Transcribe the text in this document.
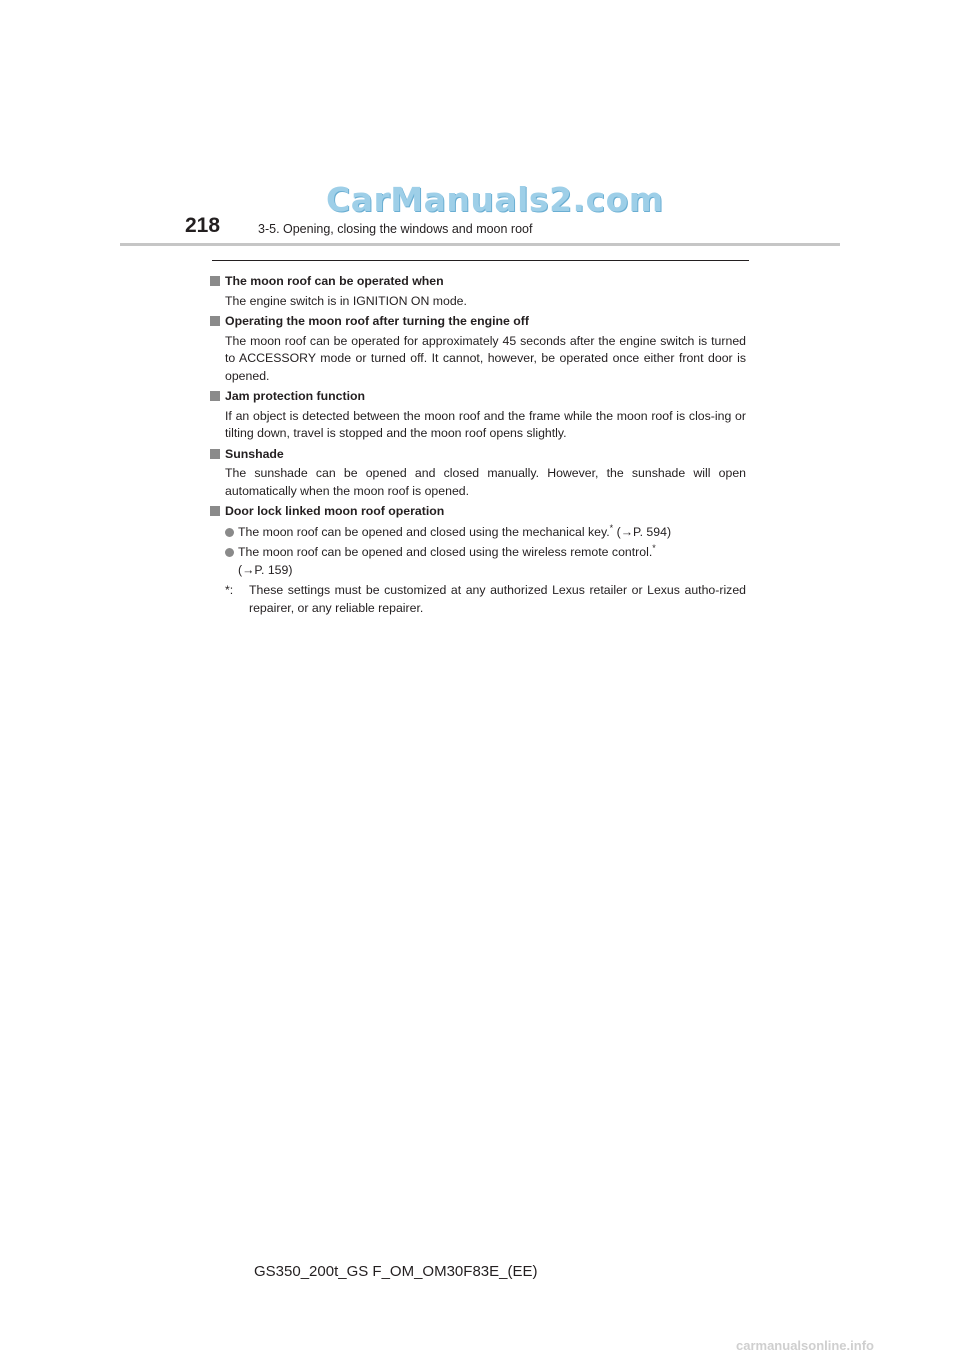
CarManuals2.com
218	3-5. Opening, closing the windows and moon roof
The moon roof can be operated when
The engine switch is in IGNITION ON mode.
Operating the moon roof after turning the engine off
The moon roof can be operated for approximately 45 seconds after the engine switch is turned to ACCESSORY mode or turned off. It cannot, however, be operated once either front door is opened.
Jam protection function
If an object is detected between the moon roof and the frame while the moon roof is clos-ing or tilting down, travel is stopped and the moon roof opens slightly.
Sunshade
The sunshade can be opened and closed manually. However, the sunshade will open automatically when the moon roof is opened.
Door lock linked moon roof operation
The moon roof can be opened and closed using the mechanical key.* (→P. 594)
The moon roof can be opened and closed using the wireless remote control.*
(→P. 159)
*:	These settings must be customized at any authorized Lexus retailer or Lexus autho-rized repairer, or any reliable repairer.
GS350_200t_GS F_OM_OM30F83E_(EE)
carmanualsonline.info
